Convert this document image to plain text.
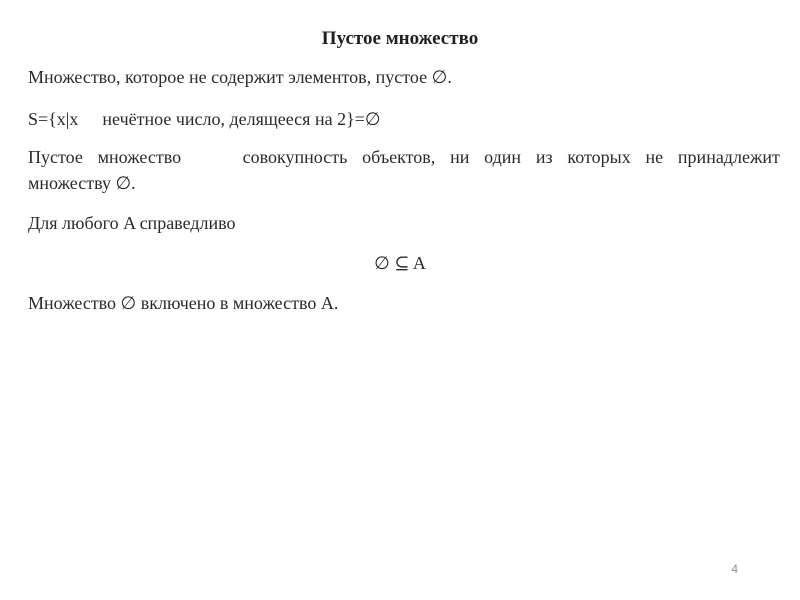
Пустое множество
Множество, которое не содержит элементов, пустое ∅.
S={x|x нечётное число, делящееся на 2}=∅
Пустое множество	совокупность объектов, ни один из которых не принадлежит
множеству ∅.
Для любого A справедливо
∅ ⊆ A
Множество ∅ включено в множество A.
4
